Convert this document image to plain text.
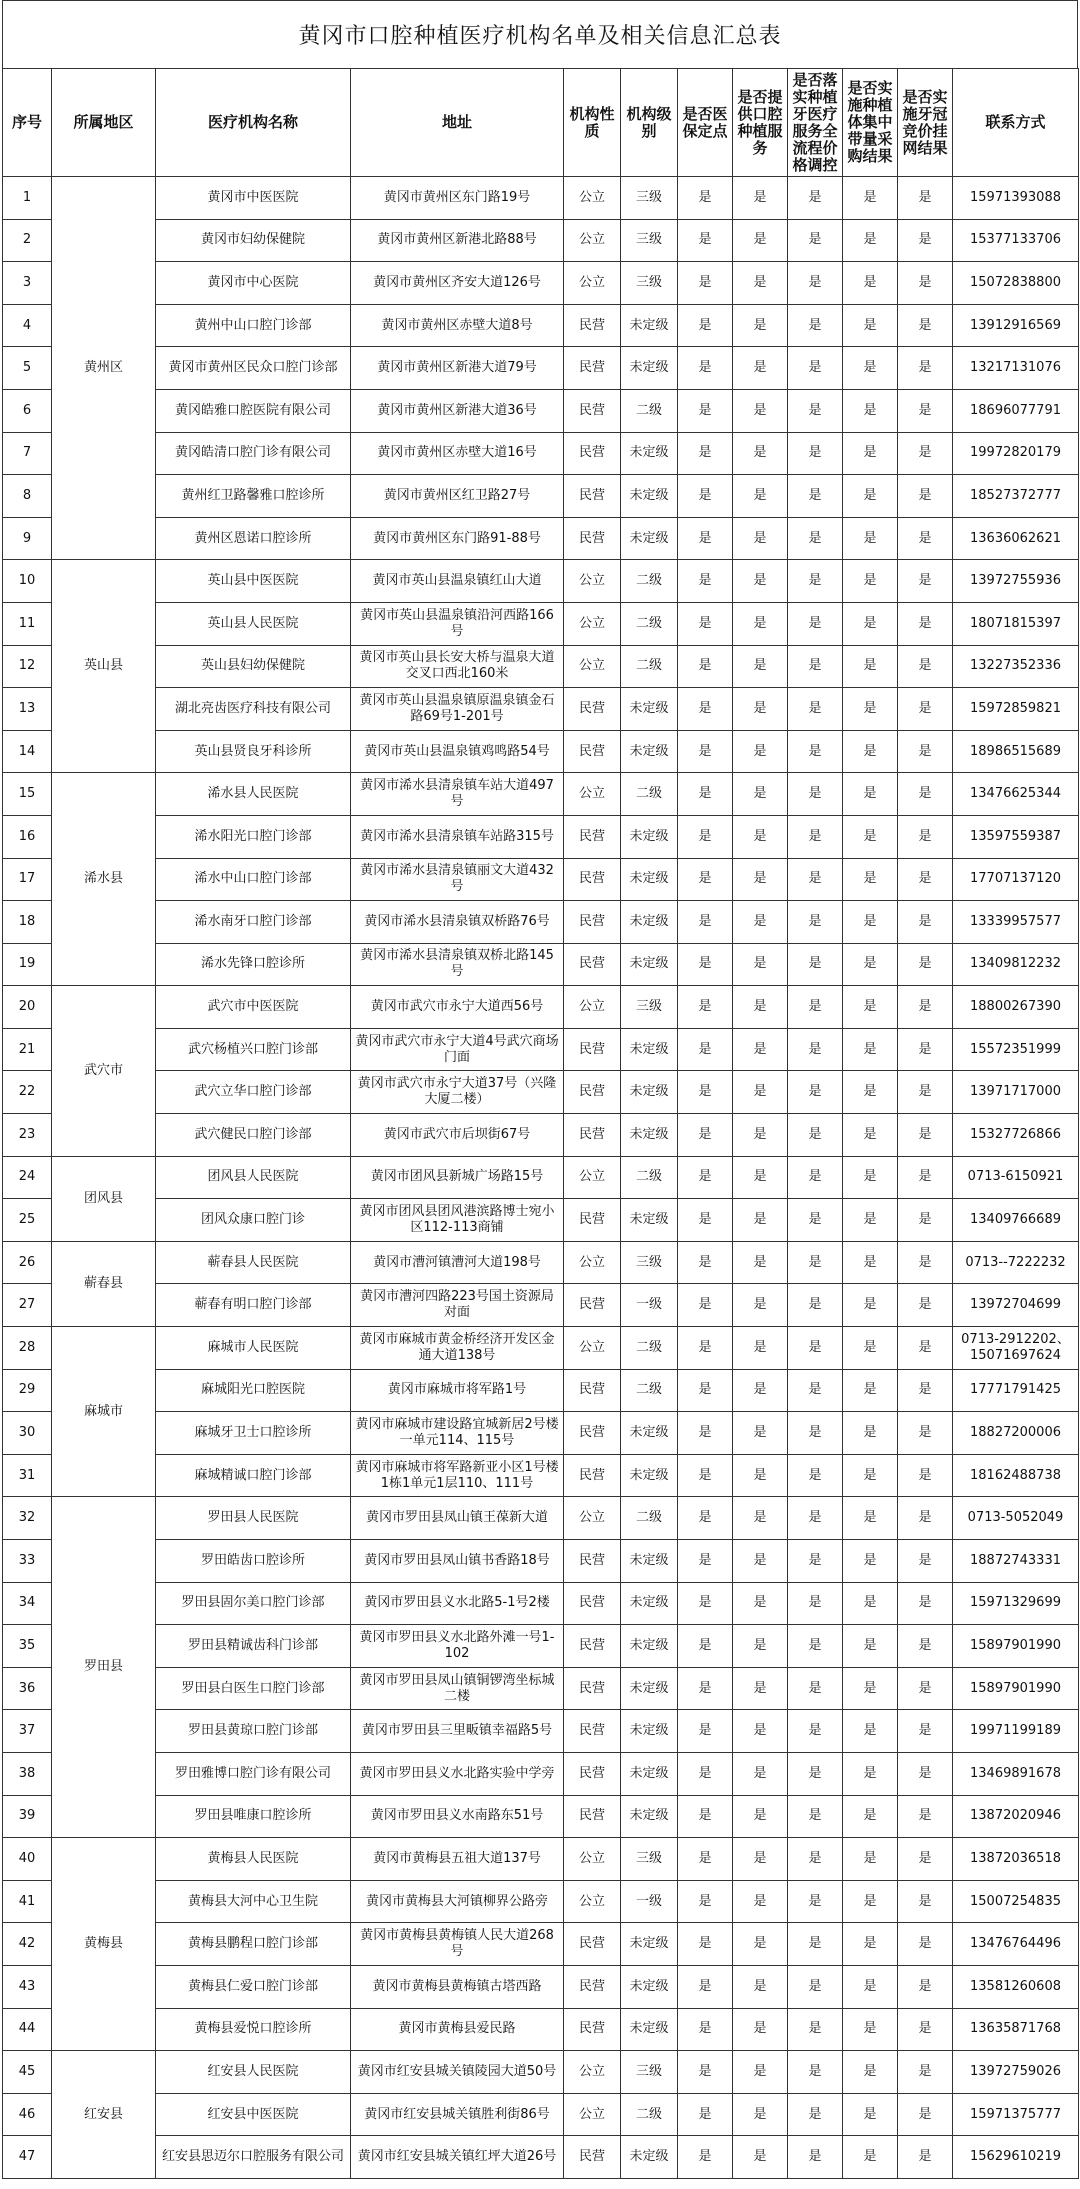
黄冈市口腔种植医疗机构名单及相关信息汇总表
序号	所属地区	医疗机构名称	地址	机构性质	机构级别	是否医保定点	是否提供口腔种植服务	是否落实种植牙医疗服务全流程价格调控	是否实施种植体集中带量采购结果	是否实施牙冠竞价挂网结果	联系方式
1	黄州区	黄冈市中医医院	黄冈市黄州区东门路19号	公立	三级	是	是	是	是	是	15971393088
2		黄冈市妇幼保健院	黄冈市黄州区新港北路88号	公立	三级	是	是	是	是	是	15377133706
3		黄冈市中心医院	黄冈市黄州区齐安大道126号	公立	三级	是	是	是	是	是	15072838800
4		黄州中山口腔门诊部	黄冈市黄州区赤壁大道8号	民营	未定级	是	是	是	是	是	13912916569
5		黄冈市黄州区民众口腔门诊部	黄冈市黄州区新港大道79号	民营	未定级	是	是	是	是	是	13217131076
6		黄冈皓雅口腔医院有限公司	黄冈市黄州区新港大道36号	民营	二级	是	是	是	是	是	18696077791
7		黄冈皓清口腔门诊有限公司	黄冈市黄州区赤壁大道16号	民营	未定级	是	是	是	是	是	19972820179
8		黄州红卫路馨雅口腔诊所	黄冈市黄州区红卫路27号	民营	未定级	是	是	是	是	是	18527372777
9		黄州区恩诺口腔诊所	黄冈市黄州区东门路91-88号	民营	未定级	是	是	是	是	是	13636062621
10	英山县	英山县中医医院	黄冈市英山县温泉镇红山大道	公立	二级	是	是	是	是	是	13972755936
11		英山县人民医院	黄冈市英山县温泉镇沿河西路166号	公立	二级	是	是	是	是	是	18071815397
12		英山县妇幼保健院	黄冈市英山县长安大桥与温泉大道交叉口西北160米	公立	二级	是	是	是	是	是	13227352336
13		湖北亮齿医疗科技有限公司	黄冈市英山县温泉镇原温泉镇金石路69号1-201号	民营	未定级	是	是	是	是	是	15972859821
14		英山县贤良牙科诊所	黄冈市英山县温泉镇鸡鸣路54号	民营	未定级	是	是	是	是	是	18986515689
15	浠水县	浠水县人民医院	黄冈市浠水县清泉镇车站大道497号	公立	二级	是	是	是	是	是	13476625344
16		浠水阳光口腔门诊部	黄冈市浠水县清泉镇车站路315号	民营	未定级	是	是	是	是	是	13597559387
17		浠水中山口腔门诊部	黄冈市浠水县清泉镇丽文大道432号	民营	未定级	是	是	是	是	是	17707137120
18		浠水南牙口腔门诊部	黄冈市浠水县清泉镇双桥路76号	民营	未定级	是	是	是	是	是	13339957577
19		浠水先锋口腔诊所	黄冈市浠水县清泉镇双桥北路145号	民营	未定级	是	是	是	是	是	13409812232
20	武穴市	武穴市中医医院	黄冈市武穴市永宁大道西56号	公立	三级	是	是	是	是	是	18800267390
21		武穴杨植兴口腔门诊部	黄冈市武穴市永宁大道4号武穴商场门面	民营	未定级	是	是	是	是	是	15572351999
22		武穴立华口腔门诊部	黄冈市武穴市永宁大道37号（兴隆大厦二楼）	民营	未定级	是	是	是	是	是	13971717000
23		武穴健民口腔门诊部	黄冈市武穴市后坝街67号	民营	未定级	是	是	是	是	是	15327726866
24	团风县	团风县人民医院	黄冈市团风县新城广场路15号	公立	二级	是	是	是	是	是	0713-6150921
25		团风众康口腔门诊	黄冈市团风县团风港滨路博士宛小区112-113商铺	民营	未定级	是	是	是	是	是	13409766689
26	蕲春县	蕲春县人民医院	黄冈市漕河镇漕河大道198号	公立	三级	是	是	是	是	是	0713--7222232
27		蕲春有明口腔门诊部	黄冈市漕河四路223号国土资源局对面	民营	一级	是	是	是	是	是	13972704699
28	麻城市	麻城市人民医院	黄冈市麻城市黄金桥经济开发区金通大道138号	公立	二级	是	是	是	是	是	0713-2912202、15071697624
29		麻城阳光口腔医院	黄冈市麻城市将军路1号	民营	二级	是	是	是	是	是	17771791425
30		麻城牙卫士口腔诊所	黄冈市麻城市建设路宜城新居2号楼一单元114、115号	民营	未定级	是	是	是	是	是	18827200006
31		麻城精诚口腔门诊部	黄冈市麻城市将军路新亚小区1号楼1栋1单元1层110、111号	民营	未定级	是	是	是	是	是	18162488738
32	罗田县	罗田县人民医院	黄冈市罗田县凤山镇王葆新大道	公立	二级	是	是	是	是	是	0713-5052049
33		罗田皓齿口腔诊所	黄冈市罗田县凤山镇书香路18号	民营	未定级	是	是	是	是	是	18872743331
34		罗田县固尔美口腔门诊部	黄冈市罗田县义水北路5-1号2楼	民营	未定级	是	是	是	是	是	15971329699
35		罗田县精诚齿科门诊部	黄冈市罗田县义水北路外滩一号1-102	民营	未定级	是	是	是	是	是	15897901990
36		罗田县白医生口腔门诊部	黄冈市罗田县凤山镇铜锣湾坐标城二楼	民营	未定级	是	是	是	是	是	15897901990
37		罗田县黄琼口腔门诊部	黄冈市罗田县三里畈镇幸福路5号	民营	未定级	是	是	是	是	是	19971199189
38		罗田雅博口腔门诊有限公司	黄冈市罗田县义水北路实验中学旁	民营	未定级	是	是	是	是	是	13469891678
39		罗田县唯康口腔诊所	黄冈市罗田县义水南路东51号	民营	未定级	是	是	是	是	是	13872020946
40	黄梅县	黄梅县人民医院	黄冈市黄梅县五祖大道137号	公立	三级	是	是	是	是	是	13872036518
41		黄梅县大河中心卫生院	黄冈市黄梅县大河镇柳界公路旁	公立	一级	是	是	是	是	是	15007254835
42		黄梅县鹏程口腔门诊部	黄冈市黄梅县黄梅镇人民大道268号	民营	未定级	是	是	是	是	是	13476764496
43		黄梅县仁爱口腔门诊部	黄冈市黄梅县黄梅镇古塔西路	民营	未定级	是	是	是	是	是	13581260608
44		黄梅县爱悦口腔诊所	黄冈市黄梅县爱民路	民营	未定级	是	是	是	是	是	13635871768
45	红安县	红安县人民医院	黄冈市红安县城关镇陵园大道50号	公立	三级	是	是	是	是	是	13972759026
46		红安县中医医院	黄冈市红安县城关镇胜利街86号	公立	二级	是	是	是	是	是	15971375777
47		红安县思迈尔口腔服务有限公司	黄冈市红安县城关镇红坪大道26号	民营	未定级	是	是	是	是	是	15629610219
